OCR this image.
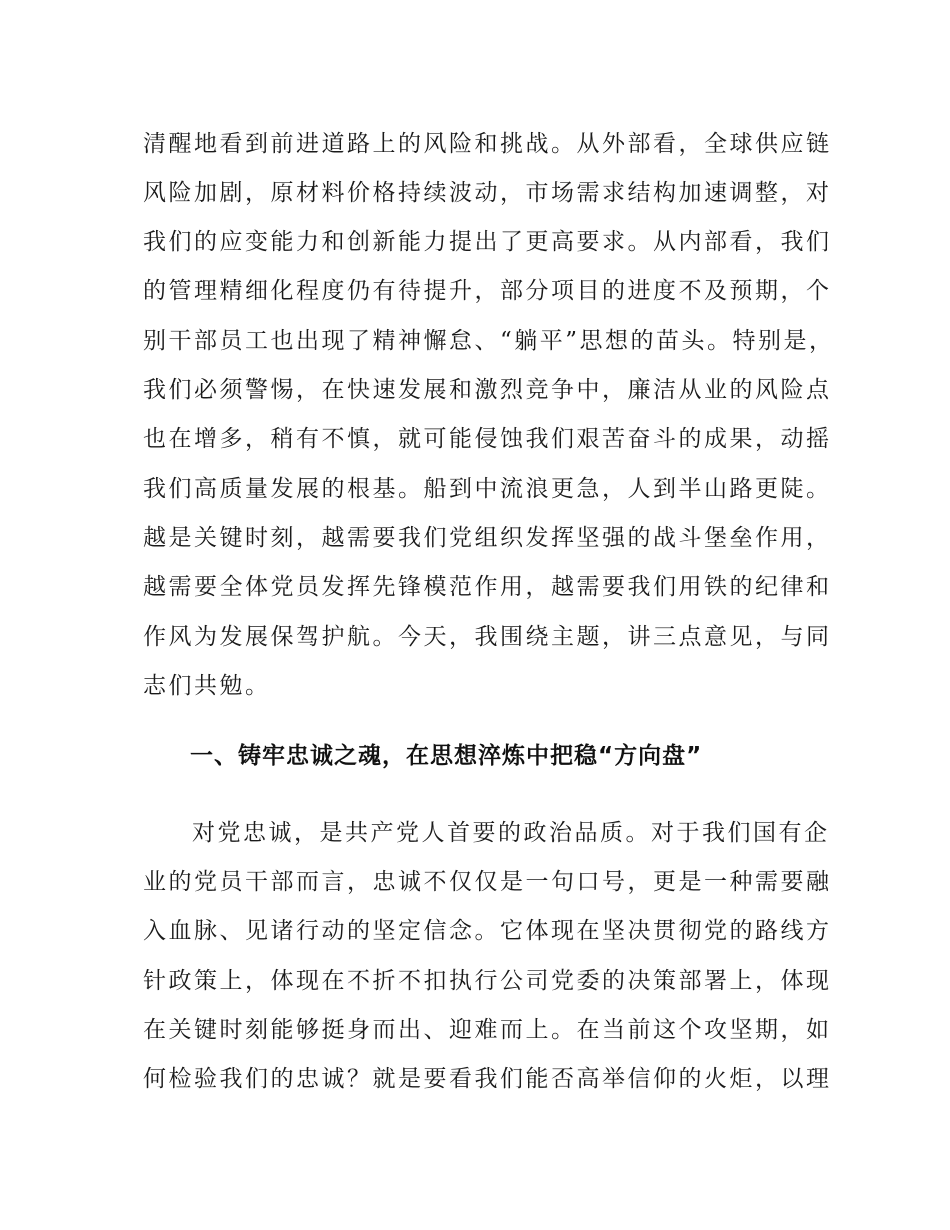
清醒地看到前进道路上的风险和挑战。从外部看，全球供应链

风险加剧，原材料价格持续波动，市场需求结构加速调整，对

我们的应变能力和创新能力提出了更高要求。从内部看，我们

的管理精细化程度仍有待提升，部分项目的进度不及预期，个

别干部员工也出现了精神懈怠、“躺平”思想的苗头。特别是，

我们必须警惕，在快速发展和激烈竞争中，廉洁从业的风险点

也在增多，稍有不慎，就可能侵蚀我们艰苦奋斗的成果，动摇

我们高质量发展的根基。船到中流浪更急，人到半山路更陡。

越是关键时刻，越需要我们党组织发挥坚强的战斗堡垒作用，

越需要全体党员发挥先锋模范作用，越需要我们用铁的纪律和

作风为发展保驾护航。今天，我围绕主题，讲三点意见，与同

志们共勉。

一、铸牢忠诚之魂，在思想淬炼中把稳“方向盘”

对党忠诚，是共产党人首要的政治品质。对于我们国有企

业的党员干部而言，忠诚不仅仅是一句口号，更是一种需要融

入血脉、见诸行动的坚定信念。它体现在坚决贯彻党的路线方

针政策上，体现在不折不扣执行公司党委的决策部署上，体现

在关键时刻能够挺身而出、迎难而上。在当前这个攻坚期，如

何检验我们的忠诚？就是要看我们能否高举信仰的火炬，以理
